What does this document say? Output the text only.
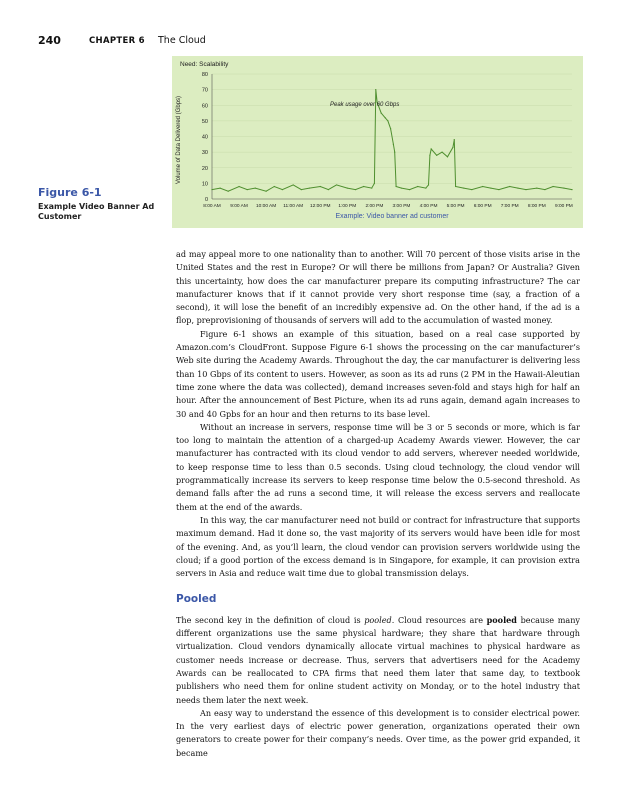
240	CHAPTER 6 The Cloud
Figure 6-1
Example Video Banner Ad Customer
Need: Scalability
Volume of Data Delivered (Gbps)
0
10
20
30
40
50
60
70
80
8:00 AM 9:00 AM 10:00 AM 11:00 AM 12:00 PM 1:00 PM 2:00 PM 3:00 PM 4:00 PM 5:00 PM 6:00 PM 7:00 PM 8:00 PM 9:00 PM
Peak usage over 60 Gbps
Example: Video banner ad customer

ad may appeal more to one nationality than to another. Will 70 percent of those visits arise in the United States and the rest in Europe? Or will there be millions from Japan? Or Australia? Given this uncertainty, how does the car manufacturer prepare its computing infrastructure? The car manufacturer knows that if it cannot provide very short response time (say, a fraction of a second), it will lose the benefit of an incredibly expensive ad. On the other hand, if the ad is a flop, preprovisioning of thousands of servers will add to the accumulation of wasted money.

Figure 6-1 shows an example of this situation, based on a real case supported by Amazon.com’s CloudFront. Suppose Figure 6-1 shows the processing on the car manufacturer’s Web site during the Academy Awards. Throughout the day, the car manufacturer is delivering less than 10 Gbps of its content to users. However, as soon as its ad runs (2 PM in the Hawaii-Aleutian time zone where the data was collected), demand increases seven-fold and stays high for half an hour. After the announcement of Best Picture, when its ad runs again, demand again increases to 30 and 40 Gpbs for an hour and then returns to its base level.

Without an increase in servers, response time will be 3 or 5 seconds or more, which is far too long to maintain the attention of a charged-up Academy Awards viewer. However, the car manufacturer has contracted with its cloud vendor to add servers, wherever needed worldwide, to keep response time to less than 0.5 seconds. Using cloud technology, the cloud vendor will programmatically increase its servers to keep response time below the 0.5-second threshold. As demand falls after the ad runs a second time, it will release the excess servers and reallocate them at the end of the awards.

In this way, the car manufacturer need not build or contract for infrastructure that supports maximum demand. Had it done so, the vast majority of its servers would have been idle for most of the evening. And, as you’ll learn, the cloud vendor can provision servers worldwide using the cloud; if a good portion of the excess demand is in Singapore, for example, it can provision extra servers in Asia and reduce wait time due to global transmission delays.

Pooled

The second key in the definition of cloud is pooled. Cloud resources are pooled because many different organizations use the same physical hardware; they share that hardware through virtualization. Cloud vendors dynamically allocate virtual machines to physical hardware as customer needs increase or decrease. Thus, servers that advertisers need for the Academy Awards can be reallocated to CPA firms that need them later that same day, to textbook publishers who need them for online student activity on Monday, or to the hotel industry that needs them later the next week.

An easy way to understand the essence of this development is to consider electrical power. In the very earliest days of electric power generation, organizations operated their own generators to create power for their company’s needs. Over time, as the power grid expanded, it became
